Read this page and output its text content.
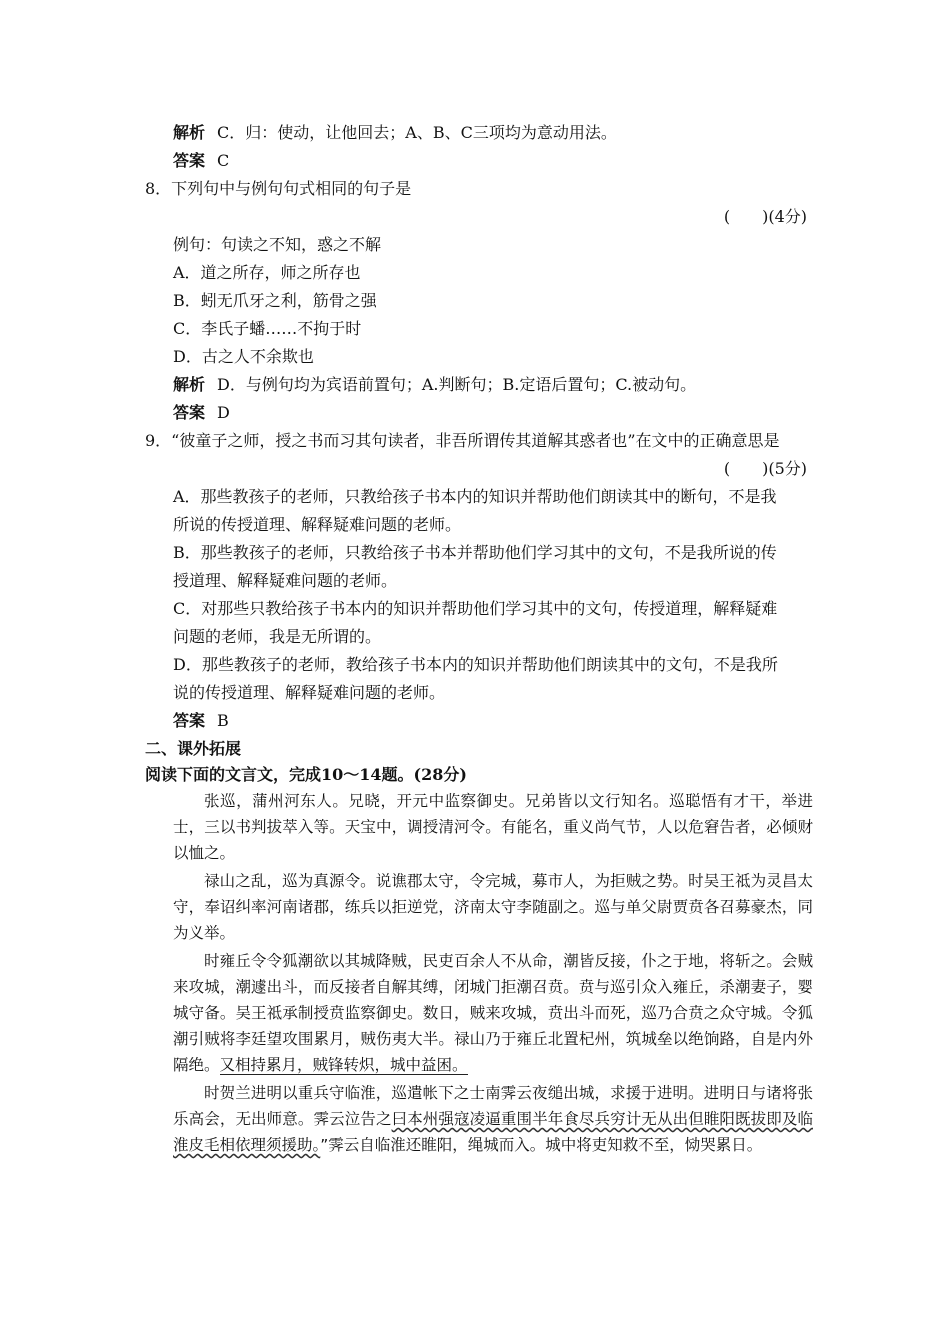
解析 C．归：使动，让他回去；A、B、C三项均为意动用法。
答案 C
8．下列句中与例句句式相同的句子是
(　　)(4分)
例句：句读之不知，惑之不解
A．道之所存，师之所存也
B．蚓无爪牙之利，筋骨之强
C．李氏子蟠……不拘于时
D．古之人不余欺也
解析 D．与例句均为宾语前置句；A.判断句；B.定语后置句；C.被动句。
答案 D
9．“彼童子之师，授之书而习其句读者，非吾所谓传其道解其惑者也”在文中的正确意思是
(　　)(5分)
A．那些教孩子的老师，只教给孩子书本内的知识并帮助他们朗读其中的断句，不是我
所说的传授道理、解释疑难问题的老师。
B．那些教孩子的老师，只教给孩子书本并帮助他们学习其中的文句，不是我所说的传
授道理、解释疑难问题的老师。
C．对那些只教给孩子书本内的知识并帮助他们学习其中的文句，传授道理，解释疑难
问题的老师，我是无所谓的。
D．那些教孩子的老师，教给孩子书本内的知识并帮助他们朗读其中的文句，不是我所
说的传授道理、解释疑难问题的老师。
答案 B
二、课外拓展
阅读下面的文言文，完成10～14题。(28分)

张巡，蒲州河东人。兄晓，开元中监察御史。兄弟皆以文行知名。巡聪悟有才干，举进士，三以书判拔萃入等。天宝中，调授清河令。有能名，重义尚气节，人以危窘告者，必倾财以恤之。

禄山之乱，巡为真源令。说谯郡太守，令完城，募市人，为拒贼之势。时吴王祗为灵昌太守，奉诏纠率河南诸郡，练兵以拒逆党，济南太守李随副之。巡与单父尉贾贲各召募豪杰，同为义举。

时雍丘令令狐潮欲以其城降贼，民吏百余人不从命，潮皆反接，仆之于地，将斩之。会贼来攻城，潮遽出斗，而反接者自解其缚，闭城门拒潮召贲。贲与巡引众入雍丘，杀潮妻子，婴城守备。吴王祗承制授贲监察御史。数日，贼来攻城，贲出斗而死，巡乃合贲之众守城。令狐潮引贼将李廷望攻围累月，贼伤夷大半。禄山乃于雍丘北置杞州，筑城垒以绝饷路，自是内外隔绝。又相持累月，贼锋转炽，城中益困。

时贺兰进明以重兵守临淮，巡遣帐下之士南霁云夜缒出城，求援于进明。进明日与诸将张乐高会，无出师意。霁云泣告之曰本州强寇凌逼重围半年食尽兵穷计无从出但睢阳既拔即及临淮皮毛相依理须援助。”霁云自临淮还睢阳，绳城而入。城中将吏知救不至，恸哭累日。
